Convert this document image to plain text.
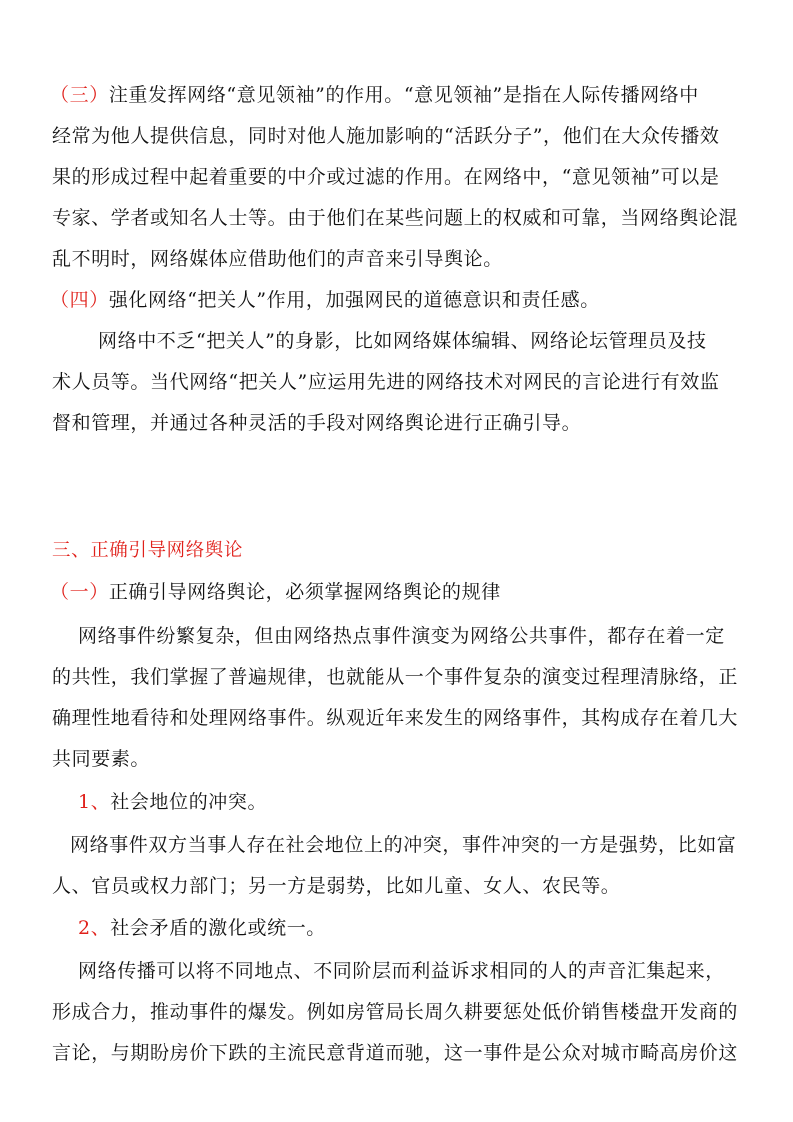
（三）注重发挥网络“意见领袖”的作用。“意见领袖”是指在人际传播网络中
经常为他人提供信息，同时对他人施加影响的“活跃分子”，他们在大众传播效
果的形成过程中起着重要的中介或过滤的作用。在网络中，“意见领袖”可以是
专家、学者或知名人士等。由于他们在某些问题上的权威和可靠，当网络舆论混
乱不明时，网络媒体应借助他们的声音来引导舆论。
（四）强化网络“把关人”作用，加强网民的道德意识和责任感。
网络中不乏“把关人”的身影，比如网络媒体编辑、网络论坛管理员及技
术人员等。当代网络“把关人”应运用先进的网络技术对网民的言论进行有效监
督和管理，并通过各种灵活的手段对网络舆论进行正确引导。
三、正确引导网络舆论
（一）正确引导网络舆论，必须掌握网络舆论的规律
网络事件纷繁复杂，但由网络热点事件演变为网络公共事件，都存在着一定
的共性，我们掌握了普遍规律，也就能从一个事件复杂的演变过程理清脉络，正
确理性地看待和处理网络事件。纵观近年来发生的网络事件，其构成存在着几大
共同要素。
1、社会地位的冲突。
网络事件双方当事人存在社会地位上的冲突，事件冲突的一方是强势，比如富
人、官员或权力部门；另一方是弱势，比如儿童、女人、农民等。
2、社会矛盾的激化或统一。
网络传播可以将不同地点、不同阶层而利益诉求相同的人的声音汇集起来，
形成合力，推动事件的爆发。例如房管局长周久耕要惩处低价销售楼盘开发商的
言论，与期盼房价下跌的主流民意背道而驰，这一事件是公众对城市畸高房价这
